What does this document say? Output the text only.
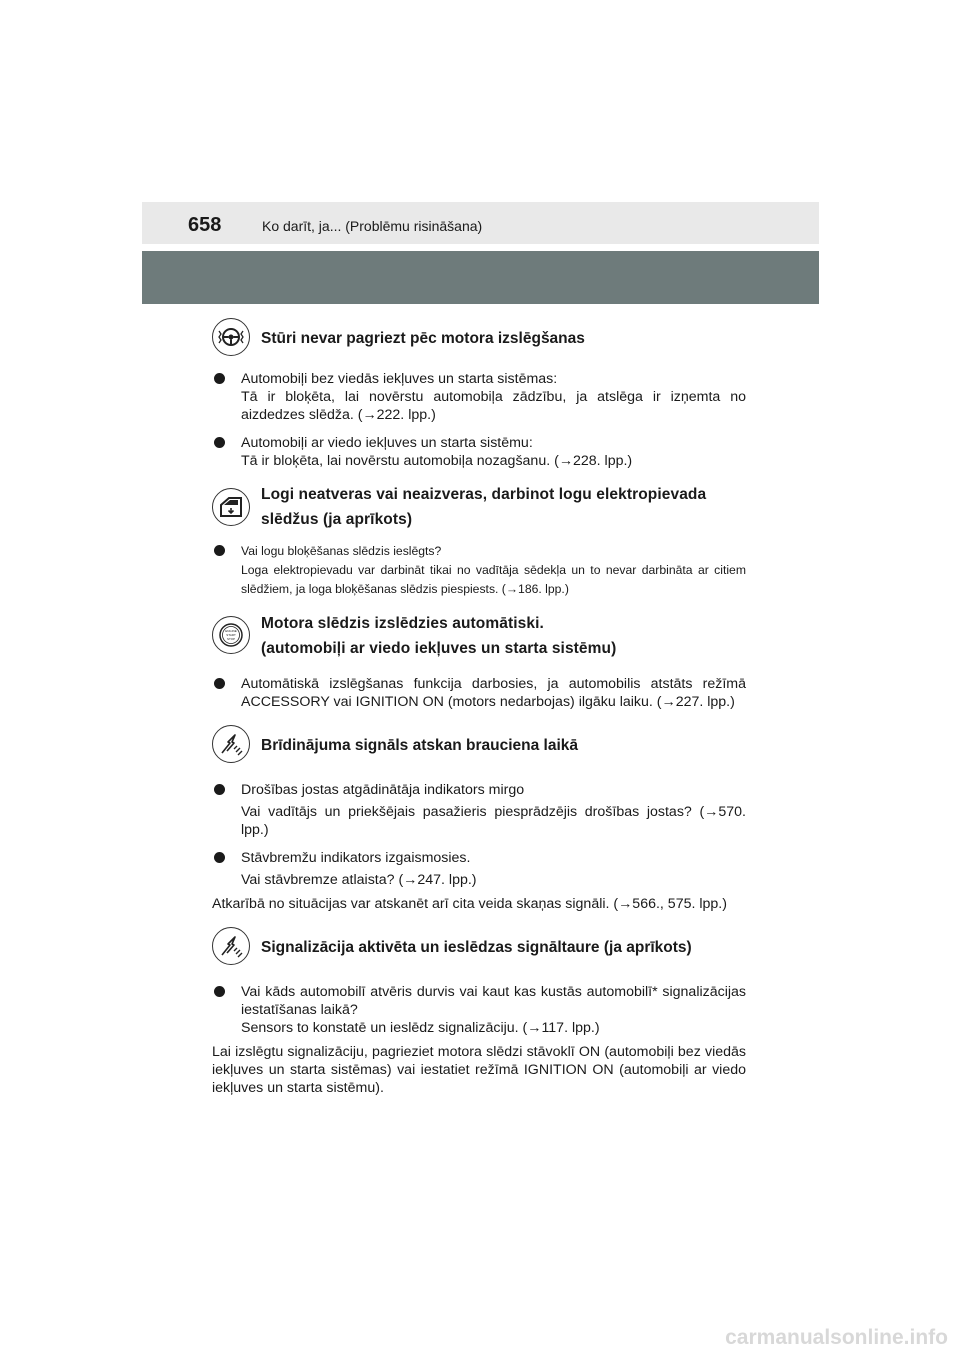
658	Ko darīt, ja... (Problēmu risināšana)
Stūri nevar pagriezt pēc motora izslēgšanas

Automobiļi bez viedās iekļuves un starta sistēmas:

Tā ir bloķēta, lai novērstu automobiļa zādzību, ja atslēga ir izņemta no aizdedzes slēdža. (→222. lpp.)

Automobiļi ar viedo iekļuves un starta sistēmu:

Tā ir bloķēta, lai novērstu automobiļa nozagšanu. (→228. lpp.)

Logi neatveras vai neaizveras, darbinot logu elektropievada slēdžus (ja aprīkots)

Vai logu bloķēšanas slēdzis ieslēgts?

Loga elektropievadu var darbināt tikai no vadītāja sēdekļa un to nevar darbināta ar citiem slēdžiem, ja loga bloķēšanas slēdzis piespiests. (→186. lpp.)

ENGINE
START
STOP
Motora slēdzis izslēdzies automātiski.
(automobiļi ar viedo iekļuves un starta sistēmu)

Automātiskā izslēgšanas funkcija darbosies, ja automobilis atstāts režīmā ACCESSORY vai IGNITION ON (motors nedarbojas) ilgāku laiku. (→227. lpp.)

Brīdinājuma signāls atskan brauciena laikā

Drošības jostas atgādinātāja indikators mirgo

Vai vadītājs un priekšējais pasažieris piesprādzējis drošības jostas? (→570. lpp.)

Stāvbremžu indikators izgaismosies.

Vai stāvbremze atlaista? (→247. lpp.)

Atkarībā no situācijas var atskanēt arī cita veida skaņas signāli. (→566., 575. lpp.)

Signalizācija aktivēta un ieslēdzas signāltaure (ja aprīkots)

Vai kāds automobilī atvēris durvis vai kaut kas kustās automobilī* signalizācijas iestatīšanas laikā?

Sensors to konstatē un ieslēdz signalizāciju. (→117. lpp.)

Lai izslēgtu signalizāciju, pagrieziet motora slēdzi stāvoklī ON (automobiļi bez viedās iekļuves un starta sistēmas) vai iestatiet režīmā IGNITION ON (automobiļi ar viedo iekļuves un starta sistēmu).

carmanualsonline.info
